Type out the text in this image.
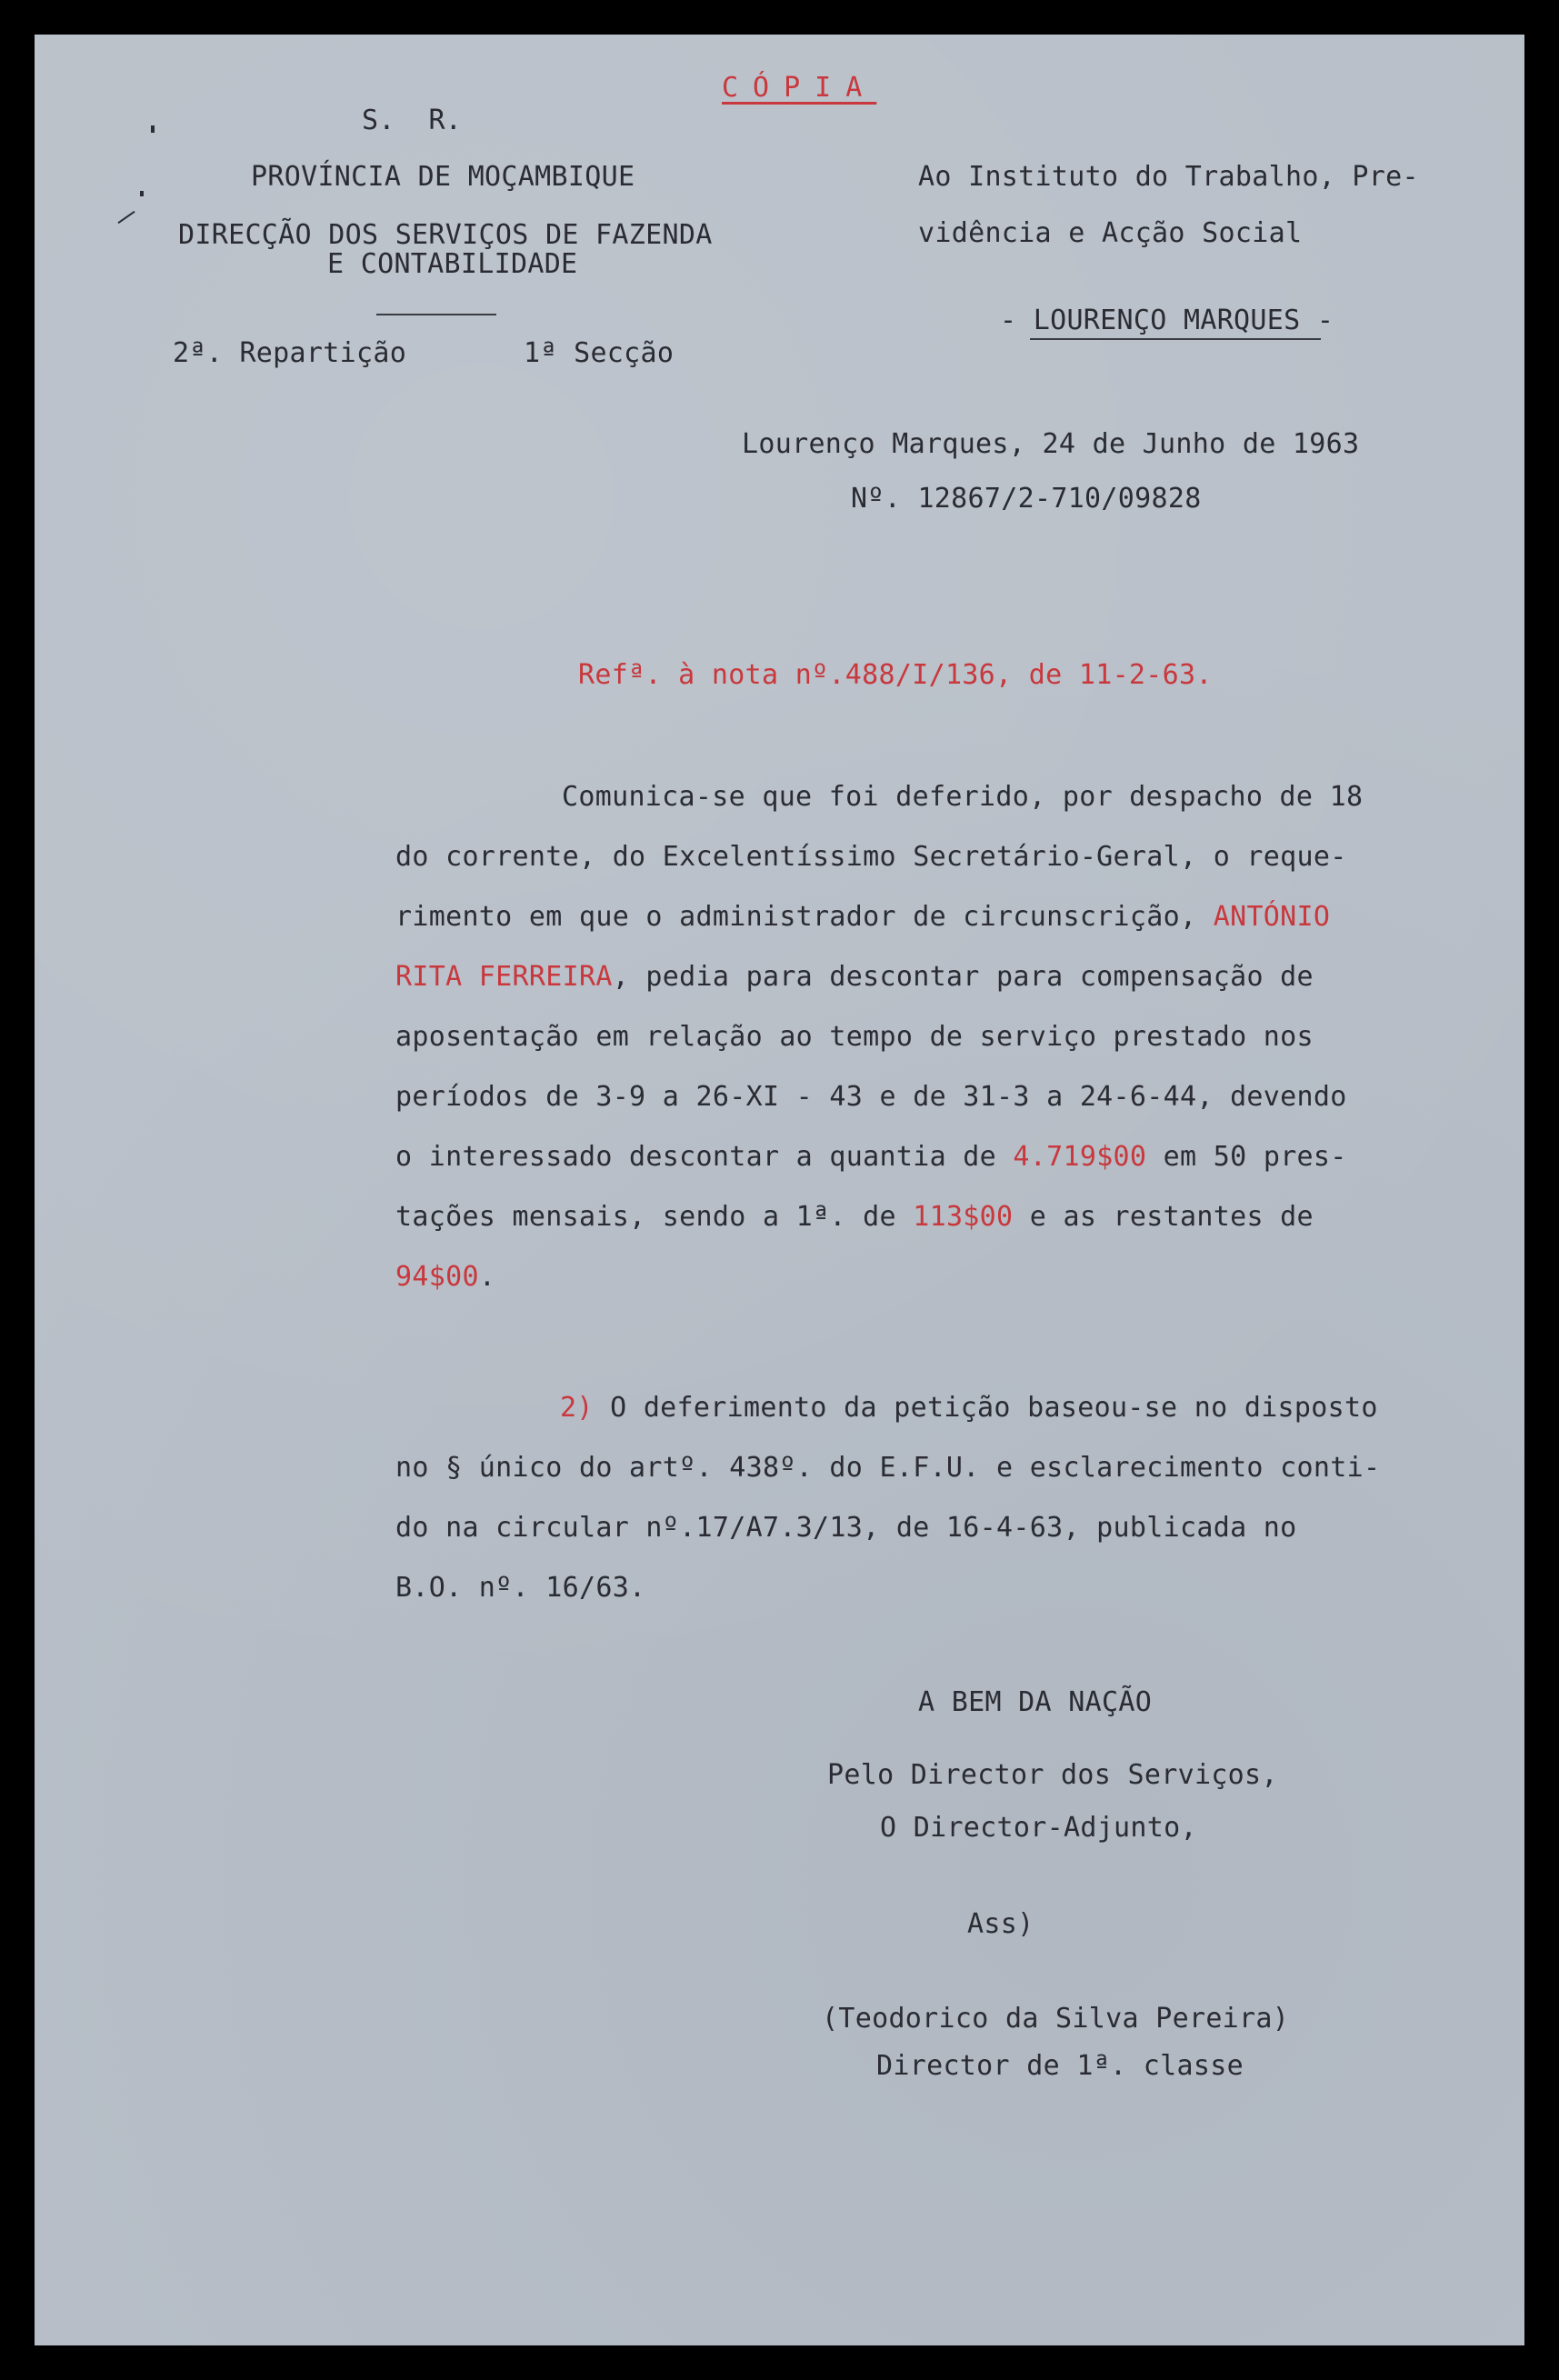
CÓPIA
S.  R.
PROVÍNCIA DE MOÇAMBIQUE
DIRECÇÃO DOS SERVIÇOS DE FAZENDA
E CONTABILIDADE
2ª. Repartição	1ª Secção
Ao Instituto do Trabalho, Pre-
vidência e Acção Social
- LOURENÇO MARQUES -
Lourenço Marques, 24 de Junho de 1963
Nº. 12867/2-710/09828
Refª. à nota nº.488/I/136, de 11-2-63.
Comunica-se que foi deferido, por despacho de 18
do corrente, do Excelentíssimo Secretário-Geral, o reque-
rimento em que o administrador de circunscrição, ANTÓNIO
RITA FERREIRA, pedia para descontar para compensação de
aposentação em relação ao tempo de serviço prestado nos
períodos de 3-9 a 26-XI - 43 e de 31-3 a 24-6-44, devendo
o interessado descontar a quantia de 4.719$00 em 50 pres-
tações mensais, sendo a 1ª. de 113$00 e as restantes de
94$00.
2) O deferimento da petição baseou-se no disposto
no § único do artº. 438º. do E.F.U. e esclarecimento conti-
do na circular nº.17/A7.3/13, de 16-4-63, publicada no
B.O. nº. 16/63.
A BEM DA NAÇÃO
Pelo Director dos Serviços,
O Director-Adjunto,
Ass)
(Teodorico da Silva Pereira)
Director de 1ª. classe
